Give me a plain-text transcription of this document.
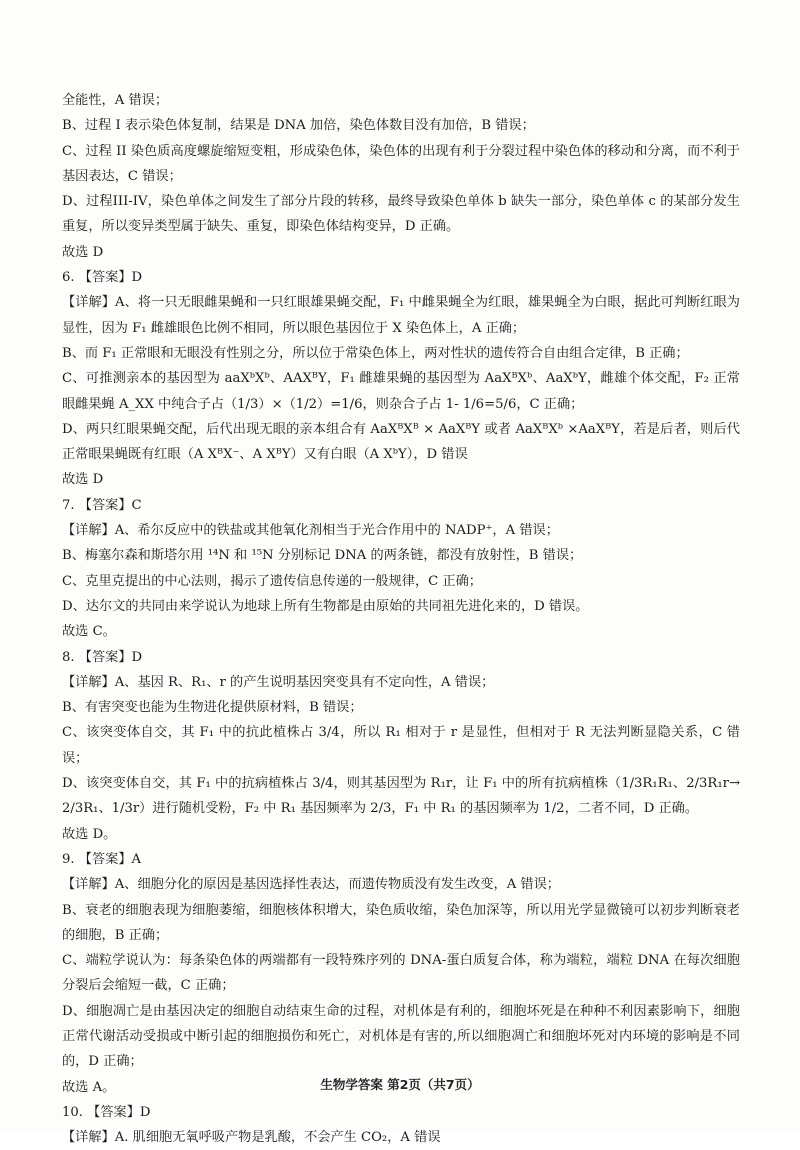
全能性，A 错误；

B、过程 I 表示染色体复制，结果是 DNA 加倍，染色体数目没有加倍，B 错误；

C、过程 II 染色质高度螺旋缩短变粗，形成染色体，染色体的出现有利于分裂过程中染色体的移动和分离，而不利于基因表达，C 错误；

D、过程III-IV，染色单体之间发生了部分片段的转移，最终导致染色单体 b 缺失一部分，染色单体 c 的某部分发生重复，所以变异类型属于缺失、重复，即染色体结构变异，D 正确。

故选 D

6. 【答案】D

【详解】A、将一只无眼雌果蝇和一只红眼雄果蝇交配，F₁ 中雌果蝇全为红眼，雄果蝇全为白眼，据此可判断红眼为显性，因为 F₁ 雌雄眼色比例不相同，所以眼色基因位于 X 染色体上，A 正确；

B、而 F₁ 正常眼和无眼没有性别之分，所以位于常染色体上，两对性状的遗传符合自由组合定律，B 正确；

C、可推测亲本的基因型为 aaXᵇXᵇ、AAXᴮY，F₁ 雌雄果蝇的基因型为 AaXᴮXᵇ、AaXᵇY，雌雄个体交配，F₂ 正常眼雌果蝇 A_XX 中纯合子占（1/3）×（1/2）=1/6，则杂合子占 1- 1/6=5/6，C 正确；

D、两只红眼果蝇交配，后代出现无眼的亲本组合有 AaXᴮXᴮ × AaXᴮY 或者 AaXᴮXᵇ ×AaXᴮY，若是后者，则后代正常眼果蝇既有红眼（A XᴮX⁻、A XᴮY）又有白眼（A XᵇY），D 错误

故选 D

7. 【答案】C

【详解】A、希尔反应中的铁盐或其他氧化剂相当于光合作用中的 NADP⁺，A 错误；

B、梅塞尔森和斯塔尔用 ¹⁴N 和 ¹⁵N 分别标记 DNA 的两条链，都没有放射性，B 错误；

C、克里克提出的中心法则，揭示了遗传信息传递的一般规律，C 正确；

D、达尔文的共同由来学说认为地球上所有生物都是由原始的共同祖先进化来的，D 错误。

故选 C。

8. 【答案】D

【详解】A、基因 R、R₁、r 的产生说明基因突变具有不定向性，A 错误；

B、有害突变也能为生物进化提供原材料，B 错误；

C、该突变体自交，其 F₁ 中的抗此植株占 3/4，所以 R₁ 相对于 r 是显性，但相对于 R 无法判断显隐关系，C 错误；

D、该突变体自交，其 F₁ 中的抗病植株占 3/4，则其基因型为 R₁r，让 F₁ 中的所有抗病植株（1/3R₁R₁、2/3R₁r→2/3R₁、1/3r）进行随机受粉，F₂ 中 R₁ 基因频率为 2/3，F₁ 中 R₁ 的基因频率为 1/2，二者不同，D 正确。

故选 D。

9. 【答案】A

【详解】A、细胞分化的原因是基因选择性表达，而遗传物质没有发生改变，A 错误；

B、衰老的细胞表现为细胞萎缩，细胞核体积增大，染色质收缩，染色加深等，所以用光学显微镜可以初步判断衰老的细胞，B 正确；

C、端粒学说认为：每条染色体的两端都有一段特殊序列的 DNA-蛋白质复合体，称为端粒，端粒 DNA 在每次细胞分裂后会缩短一截，C 正确；

D、细胞凋亡是由基因决定的细胞自动结束生命的过程，对机体是有利的，细胞坏死是在种种不利因素影响下，细胞正常代谢活动受损或中断引起的细胞损伤和死亡，对机体是有害的,所以细胞凋亡和细胞坏死对内环境的影响是不同的，D 正确；

故选 A。

10. 【答案】D

【详解】A. 肌细胞无氧呼吸产物是乳酸，不会产生 CO₂，A 错误

生物学答案 第2页（共7页）
